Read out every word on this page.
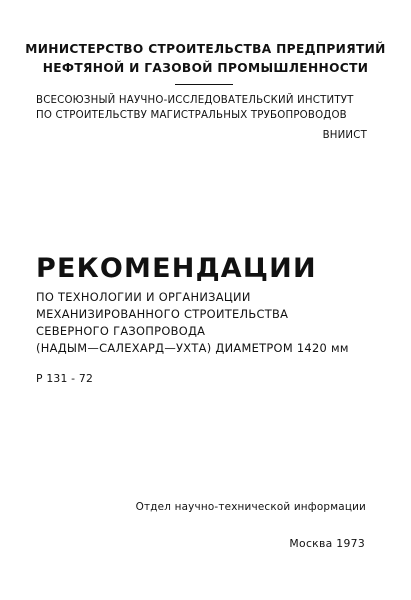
МИНИСТЕРСТВО СТРОИТЕЛЬСТВА ПРЕДПРИЯТИЙ
НЕФТЯНОЙ И ГАЗОВОЙ ПРОМЫШЛЕННОСТИ
ВСЕСОЮЗНЫЙ НАУЧНО-ИССЛЕДОВАТЕЛЬСКИЙ ИНСТИТУТ
ПО СТРОИТЕЛЬСТВУ МАГИСТРАЛЬНЫХ ТРУБОПРОВОДОВ
ВНИИСТ
РЕКОМЕНДАЦИИ
ПО ТЕХНОЛОГИИ И ОРГАНИЗАЦИИ
МЕХАНИЗИРОВАННОГО СТРОИТЕЛЬСТВА
СЕВЕРНОГО ГАЗОПРОВОДА
(НАДЫМ—САЛЕХАРД—УХТА) ДИАМЕТРОМ 1420 мм
Р 131 - 72
Отдел научно-технической информации
Москва 1973
